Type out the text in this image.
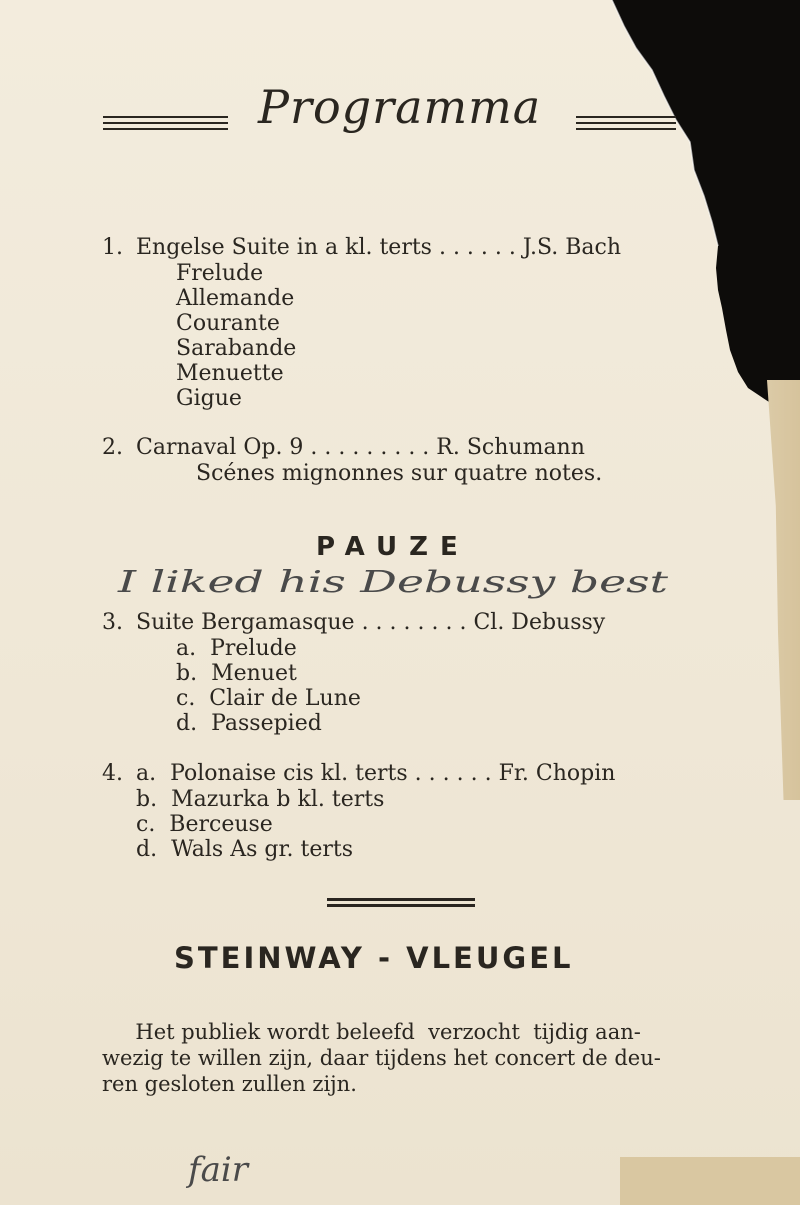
Programma
1. Engelse Suite in a kl. terts . . . . . . J.S. Bach
Frelude
Allemande
Courante
Sarabande
Menuette
Gigue
2. Carnaval Op. 9 . . . . . . . . . R. Schumann
Scénes mignonnes sur quatre notes.
PAUZE
I liked his Debussy best
3. Suite Bergamasque . . . . . . . . Cl. Debussy
a.  Prelude
b.  Menuet
c.  Clair de Lune
d.  Passepied
4. a.  Polonaise cis kl. terts . . . . . . Fr. Chopin
b.  Mazurka b kl. terts
c.  Berceuse
d.  Wals As gr. terts
STEINWAY - VLEUGEL
Het publiek wordt beleefd  verzocht  tijdig aan-
wezig te willen zijn, daar tijdens het concert de deu-
ren gesloten zullen zijn.
fair
